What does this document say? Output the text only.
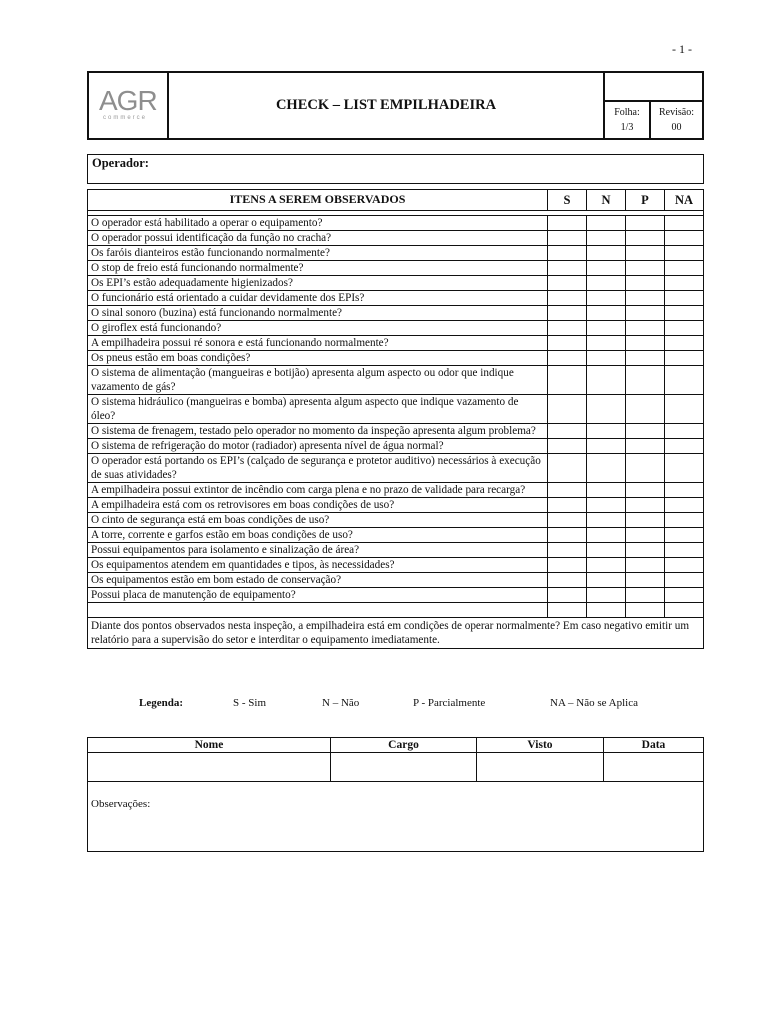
- 1 -
AGR
commerce
CHECK – LIST EMPILHADEIRA	Folha:
1/3
Revisão:
00
Operador:
ITENS A SEREM OBSERVADOS	S	N	P	NA
O operador está habilitado a operar o equipamento?
O operador possui identificação da função no cracha?
Os faróis dianteiros estão funcionando normalmente?
O stop de freio está funcionando normalmente?
Os EPI’s estão adequadamente higienizados?
O funcionário está orientado a cuidar devidamente dos EPIs?
O sinal sonoro (buzina) está funcionando normalmente?
O giroflex está funcionando?
A empilhadeira possui ré sonora e está funcionando normalmente?
Os pneus estão em boas condições?
O sistema de alimentação (mangueiras e botijão) apresenta algum aspecto ou odor que indique vazamento de gás?
O sistema hidráulico (mangueiras e bomba) apresenta algum aspecto que indique vazamento de óleo?
O sistema de frenagem, testado pelo operador no momento da inspeção apresenta algum problema?
O sistema de refrigeração do motor (radiador) apresenta nível de água normal?
O operador está portando os EPI’s (calçado de segurança e protetor auditivo) necessários à execução de suas atividades?
A empilhadeira possui extintor de incêndio com carga plena e no prazo de validade para recarga?
A empilhadeira está com os retrovisores em boas condições de uso?
O cinto de segurança está em boas condições de uso?
A torre, corrente e garfos estão em boas condições de uso?
Possui equipamentos para isolamento e sinalização de área?
Os equipamentos atendem em quantidades e tipos, às necessidades?
Os equipamentos estão em bom estado de conservação?
Possui placa de manutenção de equipamento?
Diante dos pontos observados nesta inspeção, a empilhadeira está em condições de operar normalmente? Em caso negativo emitir um relatório para a supervisão do setor e interditar o equipamento imediatamente.
Legenda:	S - Sim	N – Não	P - Parcialmente	NA – Não se Aplica
Nome	Cargo	Visto	Data
Observações:
